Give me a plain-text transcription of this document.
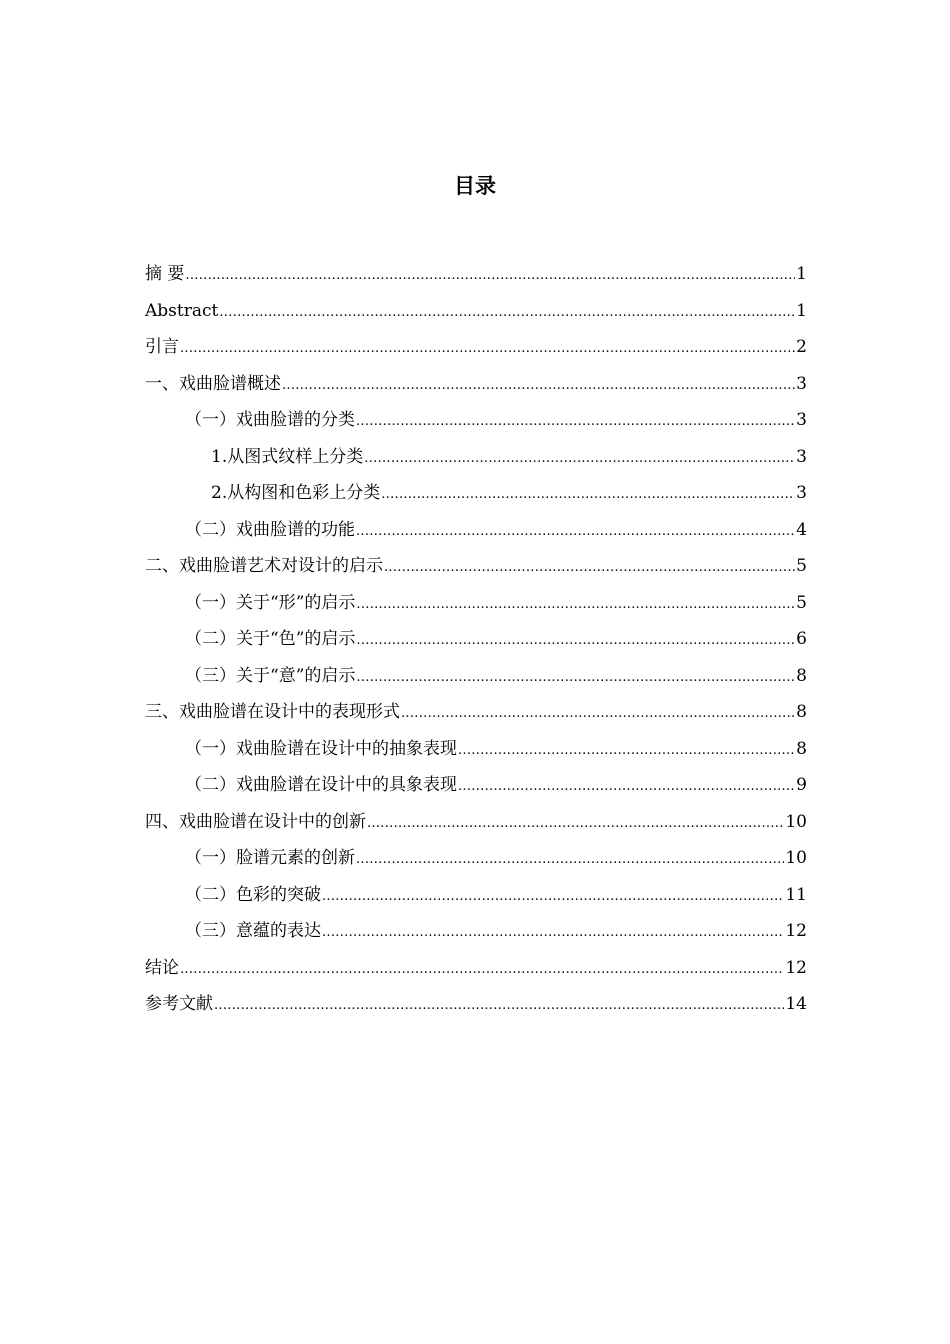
目录
摘 要 .....	1
Abstract .....	1
引言 .....	2
一、戏曲脸谱概述 .....	3
（一）戏曲脸谱的分类 .....	3
1.从图式纹样上分类 .....	3
2.从构图和色彩上分类 .....	3
（二）戏曲脸谱的功能 .....	4
二、戏曲脸谱艺术对设计的启示 .....	5
（一）关于“形”的启示 .....	5
（二）关于“色”的启示 .....	6
（三）关于“意”的启示 .....	8
三、戏曲脸谱在设计中的表现形式 .....	8
（一）戏曲脸谱在设计中的抽象表现 .....	8
（二）戏曲脸谱在设计中的具象表现 .....	9
四、戏曲脸谱在设计中的创新 .....	10
（一）脸谱元素的创新 .....	10
（二）色彩的突破 .....	11
（三）意蕴的表达 .....	12
结论 .....	12
参考文献 .....	14
